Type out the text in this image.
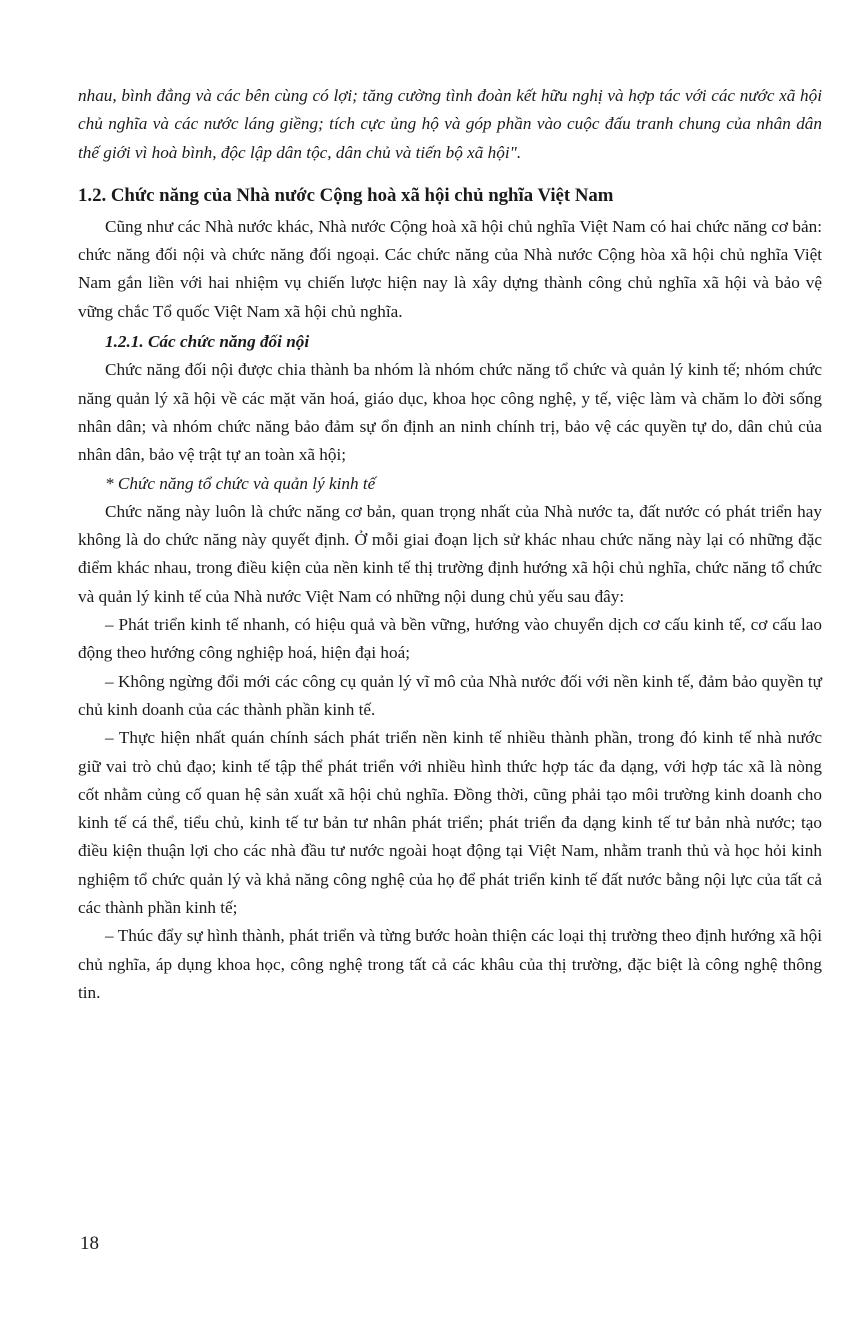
nhau, bình đẳng và các bên cùng có lợi; tăng cường tình đoàn kết hữu nghị và hợp tác với các nước xã hội chủ nghĩa và các nước láng giềng; tích cực ủng hộ và góp phần vào cuộc đấu tranh chung của nhân dân thế giới vì hoà bình, độc lập dân tộc, dân chủ và tiến bộ xã hội".

1.2. Chức năng của Nhà nước Cộng hoà xã hội chủ nghĩa Việt Nam

Cũng như các Nhà nước khác, Nhà nước Cộng hoà xã hội chủ nghĩa Việt Nam có hai chức năng cơ bản: chức năng đối nội và chức năng đối ngoại. Các chức năng của Nhà nước Cộng hòa xã hội chủ nghĩa Việt Nam gắn liền với hai nhiệm vụ chiến lược hiện nay là xây dựng thành công chủ nghĩa xã hội và bảo vệ vững chắc Tổ quốc Việt Nam xã hội chủ nghĩa.

1.2.1. Các chức năng đối nội

Chức năng đối nội được chia thành ba nhóm là nhóm chức năng tổ chức và quản lý kinh tế; nhóm chức năng quản lý xã hội về các mặt văn hoá, giáo dục, khoa học công nghệ, y tế, việc làm và chăm lo đời sống nhân dân; và nhóm chức năng bảo đảm sự ổn định an ninh chính trị, bảo vệ các quyền tự do, dân chủ của nhân dân, bảo vệ trật tự an toàn xã hội;

* Chức năng tổ chức và quản lý kinh tế

Chức năng này luôn là chức năng cơ bản, quan trọng nhất của Nhà nước ta, đất nước có phát triển hay không là do chức năng này quyết định. Ở mỗi giai đoạn lịch sử khác nhau chức năng này lại có những đặc điểm khác nhau, trong điều kiện của nền kinh tế thị trường định hướng xã hội chủ nghĩa, chức năng tổ chức và quản lý kinh tế của Nhà nước Việt Nam có những nội dung chủ yếu sau đây:

– Phát triển kinh tế nhanh, có hiệu quả và bền vững, hướng vào chuyển dịch cơ cấu kinh tế, cơ cấu lao động theo hướng công nghiệp hoá, hiện đại hoá;

– Không ngừng đổi mới các công cụ quản lý vĩ mô của Nhà nước đối với nền kinh tế, đảm bảo quyền tự chủ kinh doanh của các thành phần kinh tế.

– Thực hiện nhất quán chính sách phát triển nền kinh tế nhiều thành phần, trong đó kinh tế nhà nước giữ vai trò chủ đạo; kinh tế tập thể phát triển với nhiều hình thức hợp tác đa dạng, với hợp tác xã là nòng cốt nhằm củng cố quan hệ sản xuất xã hội chủ nghĩa. Đồng thời, cũng phải tạo môi trường kinh doanh cho kinh tế cá thể, tiểu chủ, kinh tế tư bản tư nhân phát triển; phát triển đa dạng kinh tế tư bản nhà nước; tạo điều kiện thuận lợi cho các nhà đầu tư nước ngoài hoạt động tại Việt Nam, nhằm tranh thủ và học hỏi kinh nghiệm tổ chức quản lý và khả năng công nghệ của họ để phát triển kinh tế đất nước bằng nội lực của tất cả các thành phần kinh tế;

– Thúc đẩy sự hình thành, phát triển và từng bước hoàn thiện các loại thị trường theo định hướng xã hội chủ nghĩa, áp dụng khoa học, công nghệ trong tất cả các khâu của thị trường, đặc biệt là công nghệ thông tin.

18
